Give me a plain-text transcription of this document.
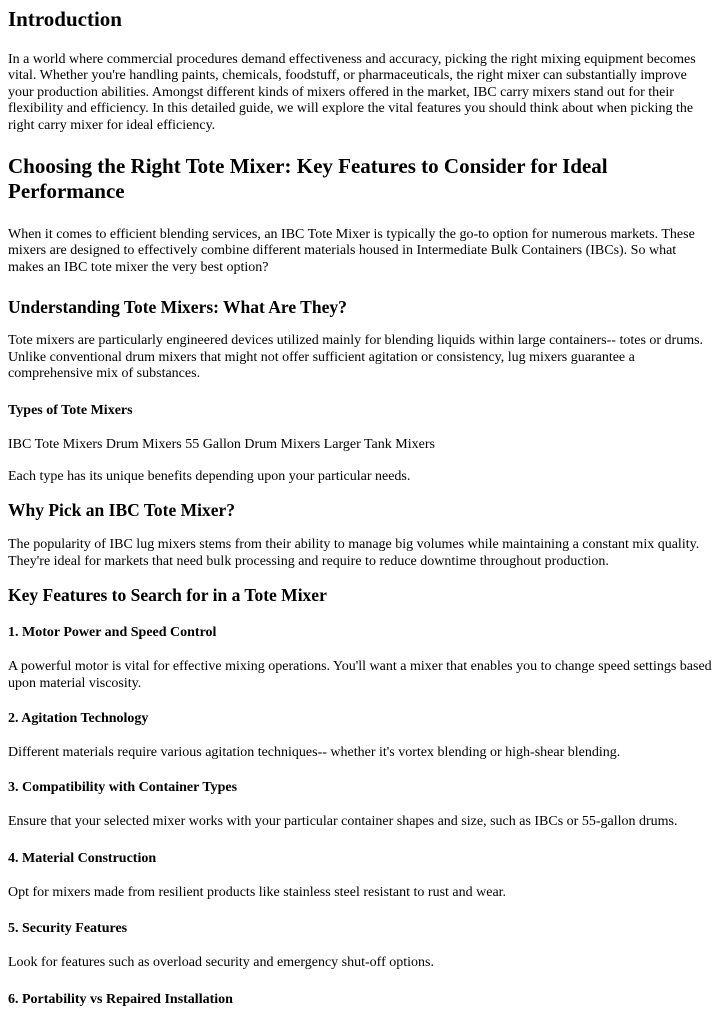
Introduction

In a world where commercial procedures demand effectiveness and accuracy, picking the right mixing equipment becomes vital. Whether you're handling paints, chemicals, foodstuff, or pharmaceuticals, the right mixer can substantially improve your production abilities. Amongst different kinds of mixers offered in the market, IBC carry mixers stand out for their flexibility and efficiency. In this detailed guide, we will explore the vital features you should think about when picking the right carry mixer for ideal efficiency.

Choosing the Right Tote Mixer: Key Features to Consider for Ideal Performance

When it comes to efficient blending services, an IBC Tote Mixer is typically the go-to option for numerous markets. These mixers are designed to effectively combine different materials housed in Intermediate Bulk Containers (IBCs). So what makes an IBC tote mixer the very best option?

Understanding Tote Mixers: What Are They?

Tote mixers are particularly engineered devices utilized mainly for blending liquids within large containers-- totes or drums. Unlike conventional drum mixers that might not offer sufficient agitation or consistency, lug mixers guarantee a comprehensive mix of substances.

Types of Tote Mixers

IBC Tote Mixers Drum Mixers 55 Gallon Drum Mixers Larger Tank Mixers

Each type has its unique benefits depending upon your particular needs.

Why Pick an IBC Tote Mixer?

The popularity of IBC lug mixers stems from their ability to manage big volumes while maintaining a constant mix quality. They're ideal for markets that need bulk processing and require to reduce downtime throughout production.

Key Features to Search for in a Tote Mixer
1. Motor Power and Speed Control

A powerful motor is vital for effective mixing operations. You'll want a mixer that enables you to change speed settings based upon material viscosity.

2. Agitation Technology

Different materials require various agitation techniques-- whether it's vortex blending or high-shear blending.

3. Compatibility with Container Types

Ensure that your selected mixer works with your particular container shapes and size, such as IBCs or 55-gallon drums.

4. Material Construction

Opt for mixers made from resilient products like stainless steel resistant to rust and wear.

5. Security Features

Look for features such as overload security and emergency shut-off options.

6. Portability vs Repaired Installation
